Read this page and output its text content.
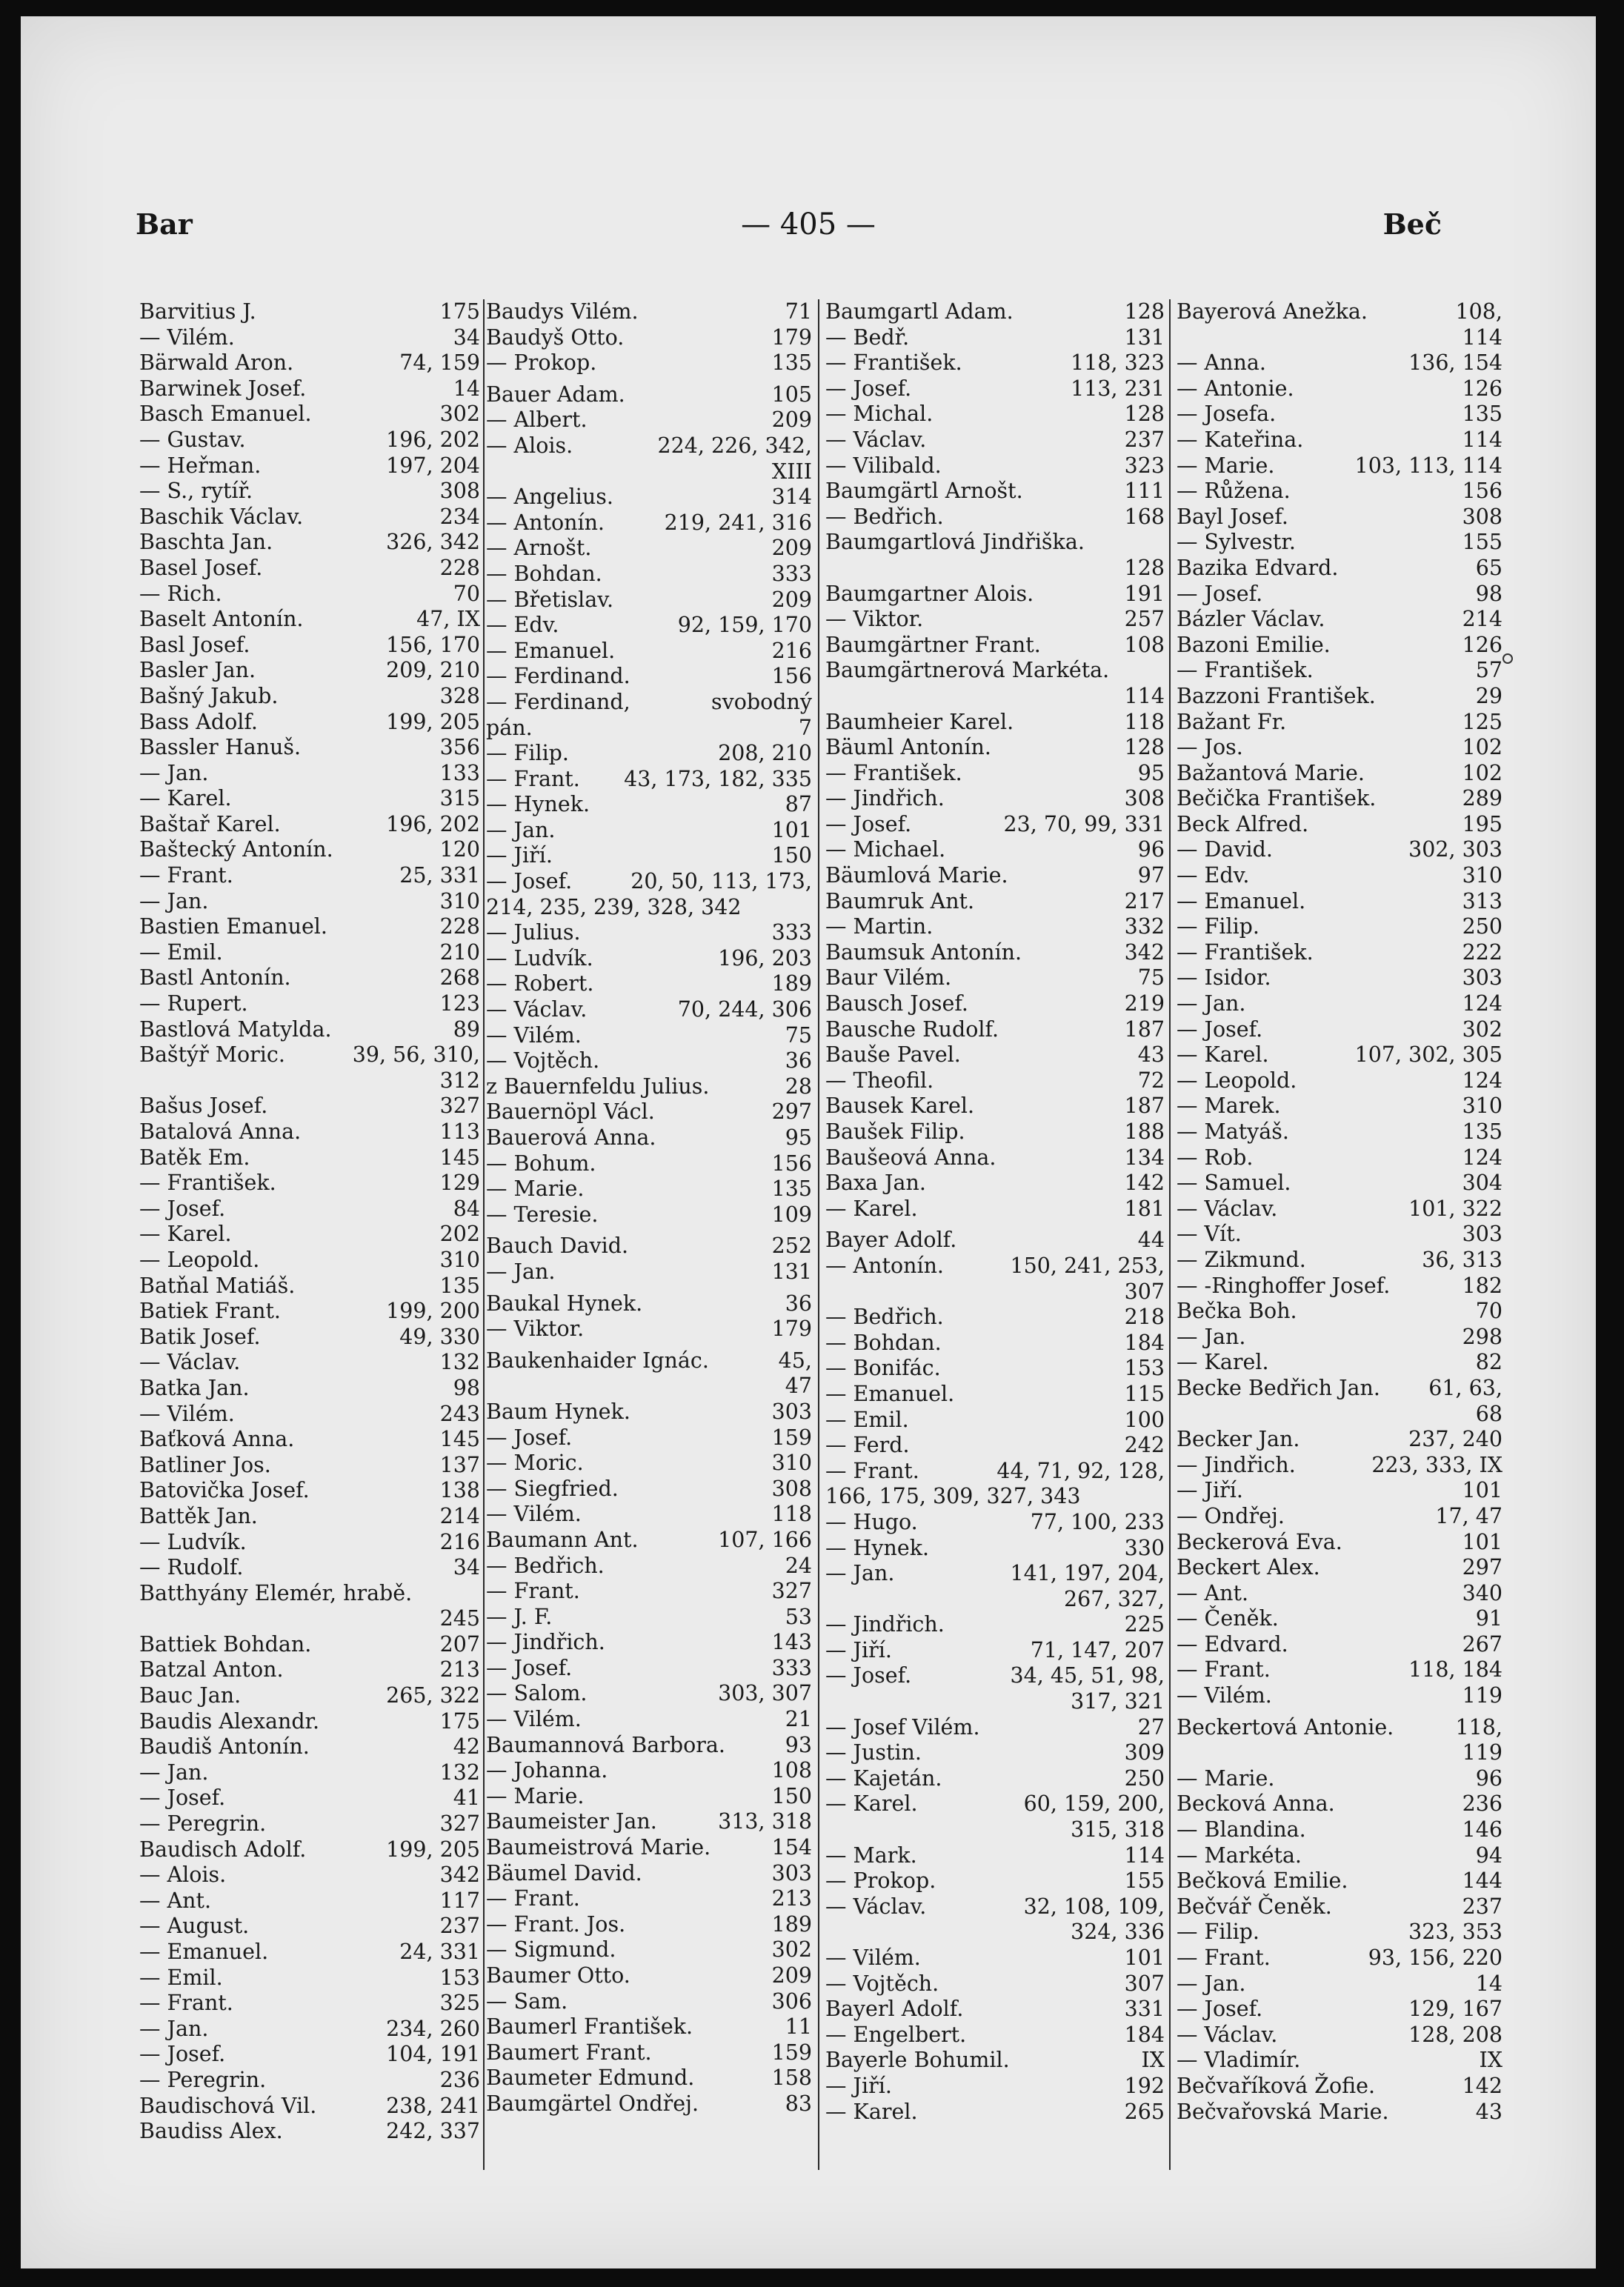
Bar	— 405 —	Beč
Barvitius J.	175
— Vilém.	34
Bärwald Aron.	74, 159
Barwinek Josef.	14
Basch Emanuel.	302
— Gustav.	196, 202
— Heřman.	197, 204
— S., rytíř.	308
Baschik Václav.	234
Baschta Jan.	326, 342
Basel Josef.	228
— Rich.	70
Baselt Antonín.	47, IX
Basl Josef.	156, 170
Basler Jan.	209, 210
Bašný Jakub.	328
Bass Adolf.	199, 205
Bassler Hanuš.	356
— Jan.	133
— Karel.	315
Baštař Karel.	196, 202
Baštecký Antonín.	120
— Frant.	25, 331
— Jan.	310
Bastien Emanuel.	228
— Emil.	210
Bastl Antonín.	268
— Rupert.	123
Bastlová Matylda.	89
Baštýř Moric.	39, 56, 310,
312
Bašus Josef.	327
Batalová Anna.	113
Batěk Em.	145
— František.	129
— Josef.	84
— Karel.	202
— Leopold.	310
Batňal Matiáš.	135
Batiek Frant.	199, 200
Batik Josef.	49, 330
— Václav.	132
Batka Jan.	98
— Vilém.	243
Baťková Anna.	145
Batliner Jos.	137
Batovička Josef.	138
Battěk Jan.	214
— Ludvík.	216
— Rudolf.	34
Batthyány Elemér, hrabě.
245
Battiek Bohdan.	207
Batzal Anton.	213
Bauc Jan.	265, 322
Baudis Alexandr.	175
Baudiš Antonín.	42
— Jan.	132
— Josef.	41
— Peregrin.	327
Baudisch Adolf.	199, 205
— Alois.	342
— Ant.	117
— August.	237
— Emanuel.	24, 331
— Emil.	153
— Frant.	325
— Jan.	234, 260
— Josef.	104, 191
— Peregrin.	236
Baudischová Vil.	238, 241
Baudiss Alex.	242, 337
Baudys Vilém.	71
Baudyš Otto.	179
— Prokop.	135
Bauer Adam.	105
— Albert.	209
— Alois.	224, 226, 342,
XIII
— Angelius.	314
— Antonín.	219, 241, 316
— Arnošt.	209
— Bohdan.	333
— Břetislav.	209
— Edv.	92, 159, 170
— Emanuel.	216
— Ferdinand.	156
— Ferdinand,	svobodný
pán.	7
— Filip.	208, 210
— Frant. 43, 173, 182, 335
— Hynek.	87
— Jan.	101
— Jiří.	150
— Josef.	20, 50, 113, 173,
214, 235, 239, 328, 342
— Julius.	333
— Ludvík.	196, 203
— Robert.	189
— Václav.	70, 244, 306
— Vilém.	75
— Vojtěch.	36
z Bauernfeldu Julius.	28
Bauernöpl Václ.	297
Bauerová Anna.	95
— Bohum.	156
— Marie.	135
— Teresie.	109
Bauch David.	252
— Jan.	131
Baukal Hynek.	36
— Viktor.	179
Baukenhaider Ignác.	45,
47
Baum Hynek.	303
— Josef.	159
— Moric.	310
— Siegfried.	308
— Vilém.	118
Baumann Ant.	107, 166
— Bedřich.	24
— Frant.	327
— J. F.	53
— Jindřich.	143
— Josef.	333
— Salom.	303, 307
— Vilém.	21
Baumannová Barbora.	93
— Johanna.	108
— Marie.	150
Baumeister Jan.	313, 318
Baumeistrová Marie.	154
Bäumel David.	303
— Frant.	213
— Frant. Jos.	189
— Sigmund.	302
Baumer Otto.	209
— Sam.	306
Baumerl František.	11
Baumert Frant.	159
Baumeter Edmund.	158
Baumgärtel Ondřej.	83
Baumgartl Adam.	128
— Bedř.	131
— František.	118, 323
— Josef.	113, 231
— Michal.	128
— Václav.	237
— Vilibald.	323
Baumgärtl Arnošt.	111
— Bedřich.	168
Baumgartlová Jindřiška.
128
Baumgartner Alois.	191
— Viktor.	257
Baumgärtner Frant.	108
Baumgärtnerová Markéta.
114
Baumheier Karel.	118
Bäuml Antonín.	128
— František.	95
— Jindřich.	308
— Josef.	23, 70, 99, 331
— Michael.	96
Bäumlová Marie.	97
Baumruk Ant.	217
— Martin.	332
Baumsuk Antonín.	342
Baur Vilém.	75
Bausch Josef.	219
Bausche Rudolf.	187
Bauše Pavel.	43
— Theofil.	72
Bausek Karel.	187
Baušek Filip.	188
Baušeová Anna.	134
Baxa Jan.	142
— Karel.	181
Bayer Adolf.	44
— Antonín.	150, 241, 253,
307
— Bedřich.	218
— Bohdan.	184
— Bonifác.	153
— Emanuel.	115
— Emil.	100
— Ferd.	242
— Frant.	44, 71, 92, 128,
166, 175, 309, 327, 343
— Hugo.	77, 100, 233
— Hynek.	330
— Jan.	141, 197, 204,
267, 327,
— Jindřich.	225
— Jiří.	71, 147, 207
— Josef.	34, 45, 51, 98,
317, 321
— Josef Vilém.	27
— Justin.	309
— Kajetán.	250
— Karel.	60, 159, 200,
315, 318
— Mark.	114
— Prokop.	155
— Václav.	32, 108, 109,
324, 336
— Vilém.	101
— Vojtěch.	307
Bayerl Adolf.	331
— Engelbert.	184
Bayerle Bohumil.	IX
— Jiří.	192
— Karel.	265
Bayerová Anežka.	108,
114
— Anna.	136, 154
— Antonie.	126
— Josefa.	135
— Kateřina.	114
— Marie.	103, 113, 114
— Růžena.	156
Bayl Josef.	308
— Sylvestr.	155
Bazika Edvard.	65
— Josef.	98
Bázler Václav.	214
Bazoni Emilie.	126
— František.	57
Bazzoni František.	29
Bažant Fr.	125
— Jos.	102
Bažantová Marie.	102
Bečička František.	289
Beck Alfred.	195
— David.	302, 303
— Edv.	310
— Emanuel.	313
— Filip.	250
— František.	222
— Isidor.	303
— Jan.	124
— Josef.	302
— Karel.	107, 302, 305
— Leopold.	124
— Marek.	310
— Matyáš.	135
— Rob.	124
— Samuel.	304
— Václav.	101, 322
— Vít.	303
— Zikmund.	36, 313
— -Ringhoffer Josef.	182
Bečka Boh.	70
— Jan.	298
— Karel.	82
Becke Bedřich Jan. 61, 63,
68
Becker Jan.	237, 240
— Jindřich.	223, 333, IX
— Jiří.	101
— Ondřej.	17, 47
Beckerová Eva.	101
Beckert Alex.	297
— Ant.	340
— Čeněk.	91
— Edvard.	267
— Frant.	118, 184
— Vilém.	119
Beckertová Antonie.	118,
119
— Marie.	96
Becková Anna.	236
— Blandina.	146
— Markéta.	94
Bečková Emilie.	144
Bečvář Čeněk.	237
— Filip.	323, 353
— Frant.	93, 156, 220
— Jan.	14
— Josef.	129, 167
— Václav.	128, 208
— Vladimír.	IX
Bečvaříková Žofie.	142
Bečvařovská Marie.	43
